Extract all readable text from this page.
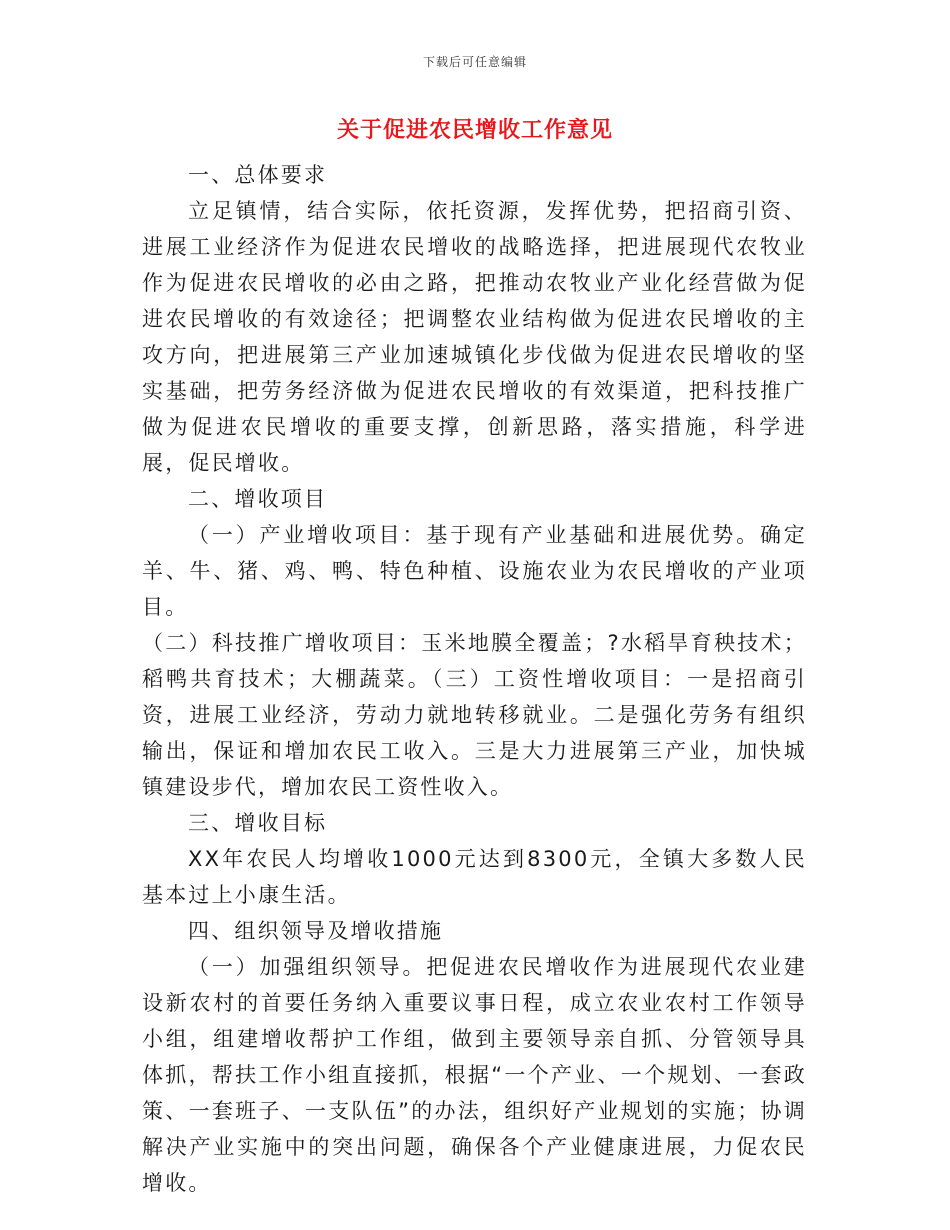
下载后可任意编辑
关于促进农民增收工作意见

一、总体要求

立足镇情，结合实际，依托资源，发挥优势，把招商引资、进展工业经济作为促进农民增收的战略选择，把进展现代农牧业作为促进农民增收的必由之路，把推动农牧业产业化经营做为促进农民增收的有效途径；把调整农业结构做为促进农民增收的主攻方向，把进展第三产业加速城镇化步伐做为促进农民增收的坚实基础，把劳务经济做为促进农民增收的有效渠道，把科技推广做为促进农民增收的重要支撑，创新思路，落实措施，科学进展，促民增收。

二、增收项目

（一）产业增收项目：基于现有产业基础和进展优势。确定羊、牛、猪、鸡、鸭、特色种植、设施农业为农民增收的产业项目。

（二）科技推广增收项目：玉米地膜全覆盖；?水稻旱育秧技术；稻鸭共育技术；大棚蔬菜。（三）工资性增收项目：一是招商引资，进展工业经济，劳动力就地转移就业。二是强化劳务有组织输出，保证和增加农民工收入。三是大力进展第三产业，加快城镇建设步代，增加农民工资性收入。

三、增收目标

XX年农民人均增收1000元达到8300元，全镇大多数人民基本过上小康生活。

四、组织领导及增收措施

（一）加强组织领导。把促进农民增收作为进展现代农业建设新农村的首要任务纳入重要议事日程，成立农业农村工作领导小组，组建增收帮护工作组，做到主要领导亲自抓、分管领导具体抓，帮扶工作小组直接抓，根据“一个产业、一个规划、一套政策、一套班子、一支队伍”的办法，组织好产业规划的实施；协调解决产业实施中的突出问题，确保各个产业健康进展，力促农民增收。
